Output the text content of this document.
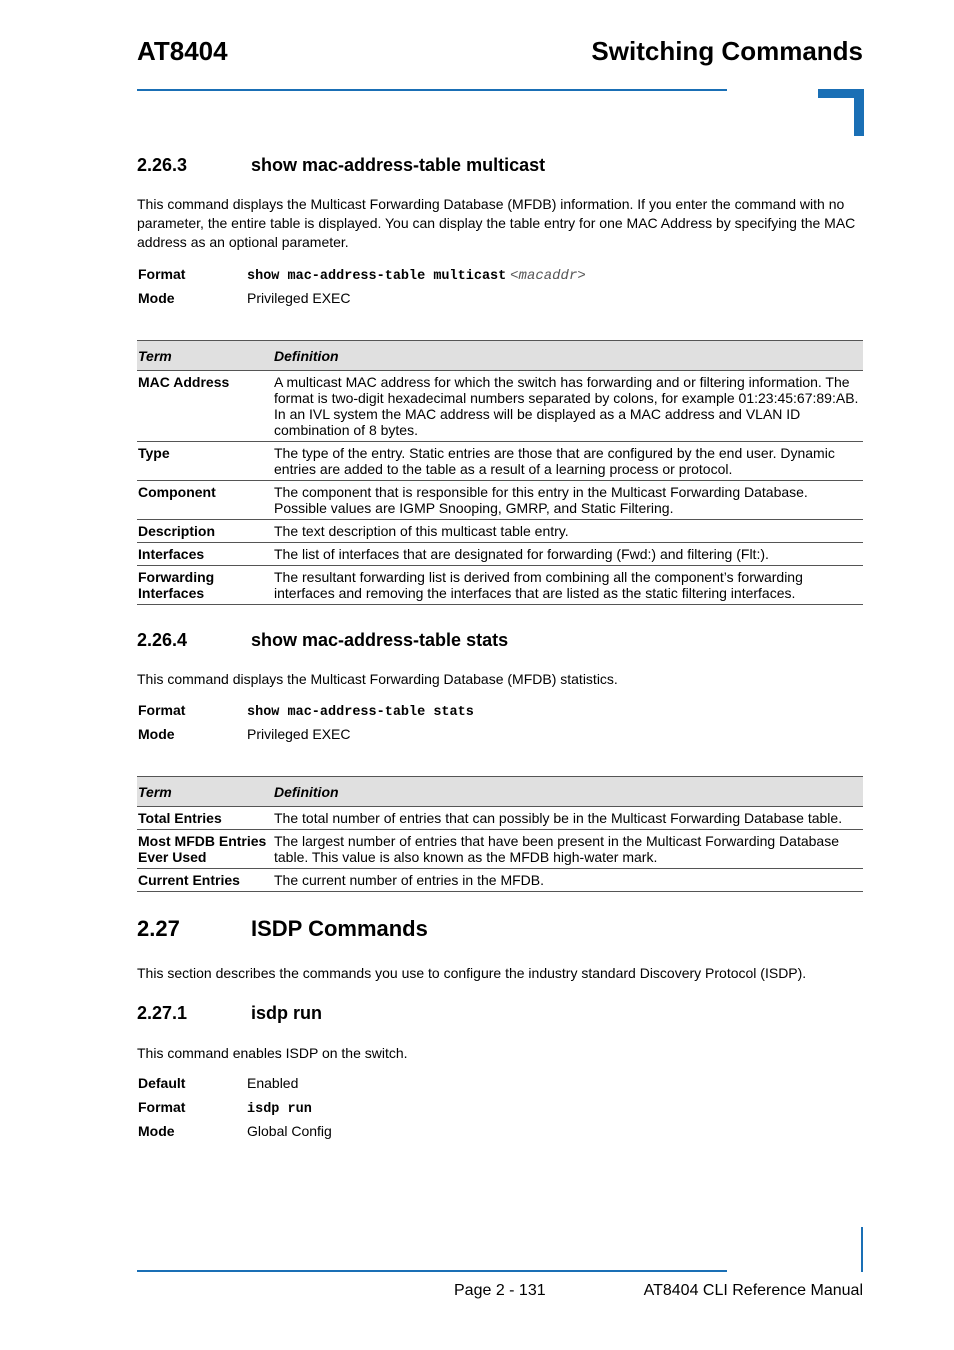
AT8404	Switching Commands
2.26.3	show mac-address-table multicast
This command displays the Multicast Forwarding Database (MFDB) information. If you enter the command with no parameter, the entire table is displayed. You can display the table entry for one MAC Address by specifying the MAC address as an optional parameter.
Format	show mac-address-table multicast <macaddr>
Mode	Privileged EXEC
Term	Definition
MAC Address	A multicast MAC address for which the switch has forwarding and or filtering information. The format is two-digit hexadecimal numbers separated by colons, for example 01:23:45:67:89:AB. In an IVL system the MAC address will be displayed as a MAC address and VLAN ID combination of 8 bytes.
Type	The type of the entry. Static entries are those that are configured by the end user. Dynamic entries are added to the table as a result of a learning process or protocol.
Component	The component that is responsible for this entry in the Multicast Forwarding Database. Possible values are IGMP Snooping, GMRP, and Static Filtering.
Description	The text description of this multicast table entry.
Interfaces	The list of interfaces that are designated for forwarding (Fwd:) and filtering (Flt:).
Forwarding Interfaces	The resultant forwarding list is derived from combining all the component’s forwarding interfaces and removing the interfaces that are listed as the static filtering interfaces.
2.26.4	show mac-address-table stats
This command displays the Multicast Forwarding Database (MFDB) statistics.
Format	show mac-address-table stats
Mode	Privileged EXEC
Term	Definition
Total Entries	The total number of entries that can possibly be in the Multicast Forwarding Database table.
Most MFDB Entries Ever Used	The largest number of entries that have been present in the Multicast Forwarding Database table. This value is also known as the MFDB high-water mark.
Current Entries	The current number of entries in the MFDB.
2.27	ISDP Commands
This section describes the commands you use to configure the industry standard Discovery Protocol (ISDP).
2.27.1	isdp run
This command enables ISDP on the switch.
Default	Enabled
Format	isdp run
Mode	Global Config
Page 2 - 131	AT8404 CLI Reference Manual
